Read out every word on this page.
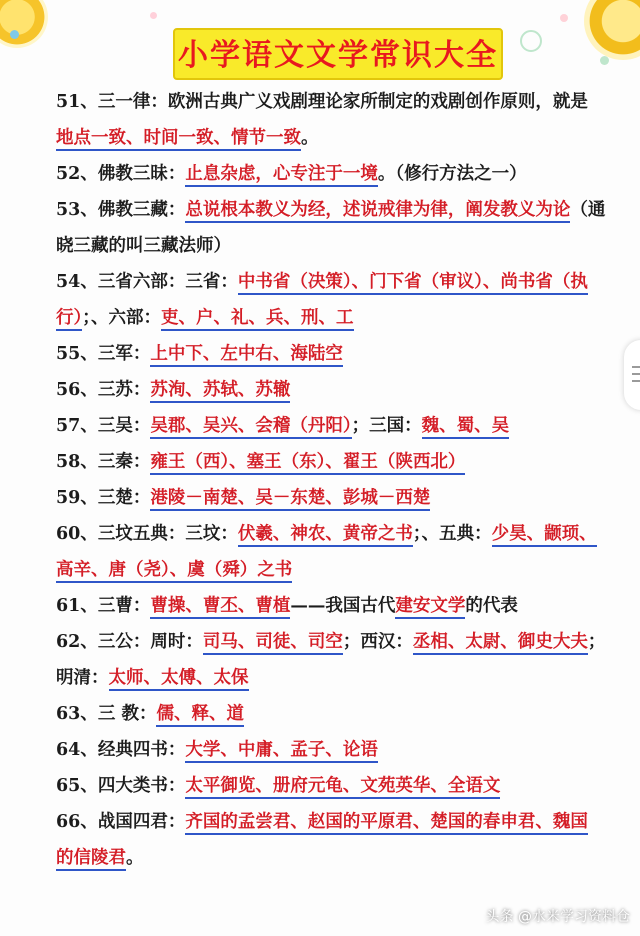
小学语文文学常识大全
51、三一律：欧洲古典广义戏剧理论家所制定的戏剧创作原则，就是
地点一致、时间一致、情节一致。
52、佛教三昧：止息杂虑，心专注于一境。（修行方法之一）
53、佛教三藏：总说根本教义为经，述说戒律为律，阐发教义为论（通
晓三藏的叫三藏法师）
54、三省六部：三省：中书省（决策）、门下省（审议）、尚书省（执
行）；、六部：吏、户、礼、兵、刑、工
55、三军：上中下、左中右、海陆空
56、三苏：苏洵、苏轼、苏辙
57、三吴：吴郡、吴兴、会稽（丹阳）；三国：魏、蜀、吴
58、三秦：雍王（西）、塞王（东）、翟王（陕西北）
59、三楚：港陵－南楚、吴－东楚、彭城－西楚
60、三坟五典：三坟：伏羲、神农、黄帝之书；、五典：少昊、颛顼、
高辛、唐（尧）、虞（舜）之书
61、三曹：曹操、曹丕、曹植——我国古代建安文学的代表
62、三公：周时：司马、司徒、司空；西汉：丞相、太尉、御史大夫；
明清：太师、太傅、太保
63、三 教：儒、释、道
64、经典四书：大学、中庸、孟子、论语
65、四大类书：太平御览、册府元龟、文苑英华、全语文
66、战国四君：齐国的孟尝君、赵国的平原君、楚国的春申君、魏国
的信陵君。
头条 @水米学习资料仓
